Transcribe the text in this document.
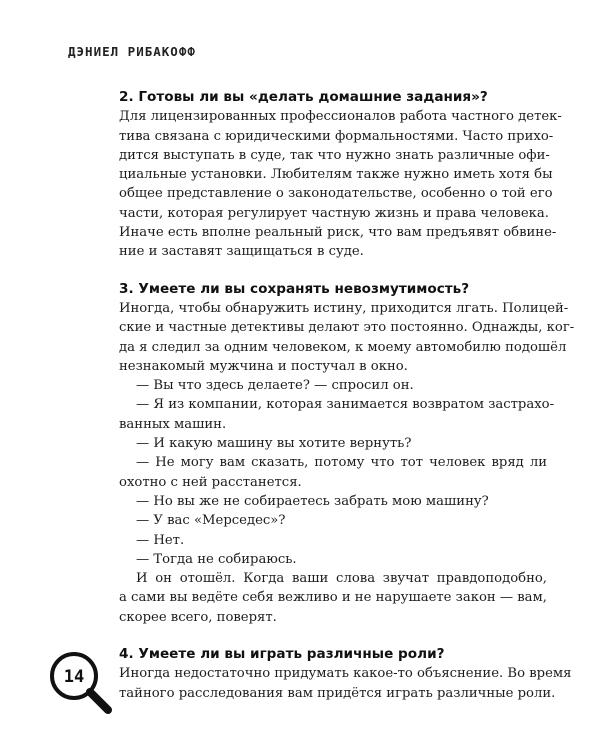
ДЭНИЕЛ РИБАКОФФ

2. Готовы ли вы «делать домашние задания»?

Для лицензированных профессионалов работа частного детек-

тива связана с юридическими формальностями. Часто прихо-

дится выступать в суде, так что нужно знать различные офи-

циальные установки. Любителям также нужно иметь хотя бы

общее представление о законодательстве, особенно о той его

части, которая регулирует частную жизнь и права человека.

Иначе есть вполне реальный риск, что вам предъявят обвине-

ние и заставят защищаться в суде.

3. Умеете ли вы сохранять невозмутимость?

Иногда, чтобы обнаружить истину, приходится лгать. Полицей-

ские и частные детективы делают это постоянно. Однажды, ког-

да я следил за одним человеком, к моему автомобилю подошёл

незнакомый мужчина и постучал в окно.

— Вы что здесь делаете? — спросил он.

— Я из компании, которая занимается возвратом застрахо-

ванных машин.

— И какую машину вы хотите вернуть?

— Не могу вам сказать, потому что тот человек вряд ли

охотно с ней расстанется.

— Но вы же не собираетесь забрать мою машину?

— У вас «Мерседес»?

— Нет.

— Тогда не собираюсь.

И он отошёл. Когда ваши слова звучат правдоподобно,

а сами вы ведёте себя вежливо и не нарушаете закон — вам,

скорее всего, поверят.

4. Умеете ли вы играть различные роли?

Иногда недостаточно придумать какое-то объяснение. Во время

тайного расследования вам придётся играть различные роли.

14
